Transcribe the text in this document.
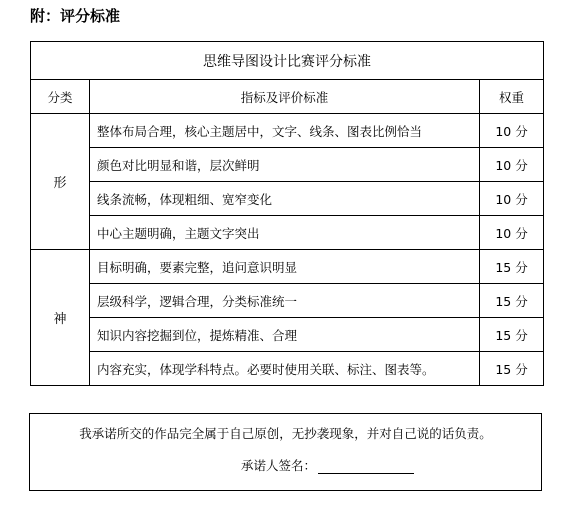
附：评分标准
思维导图设计比赛评分标准		
分类	指标及评价标准	权重
形	整体布局合理，核心主题居中，文字、线条、图表比例恰当	10 分
	颜色对比明显和谐，层次鲜明	10 分
	线条流畅，体现粗细、宽窄变化	10 分
	中心主题明确，主题文字突出	10 分
神	目标明确，要素完整，追问意识明显	15 分
	层级科学，逻辑合理，分类标准统一	15 分
	知识内容挖掘到位，提炼精准、合理	15 分
	内容充实，体现学科特点。必要时使用关联、标注、图表等。	15 分
我承诺所交的作品完全属于自己原创，无抄袭现象，并对自己说的话负责。
承诺人签名：
